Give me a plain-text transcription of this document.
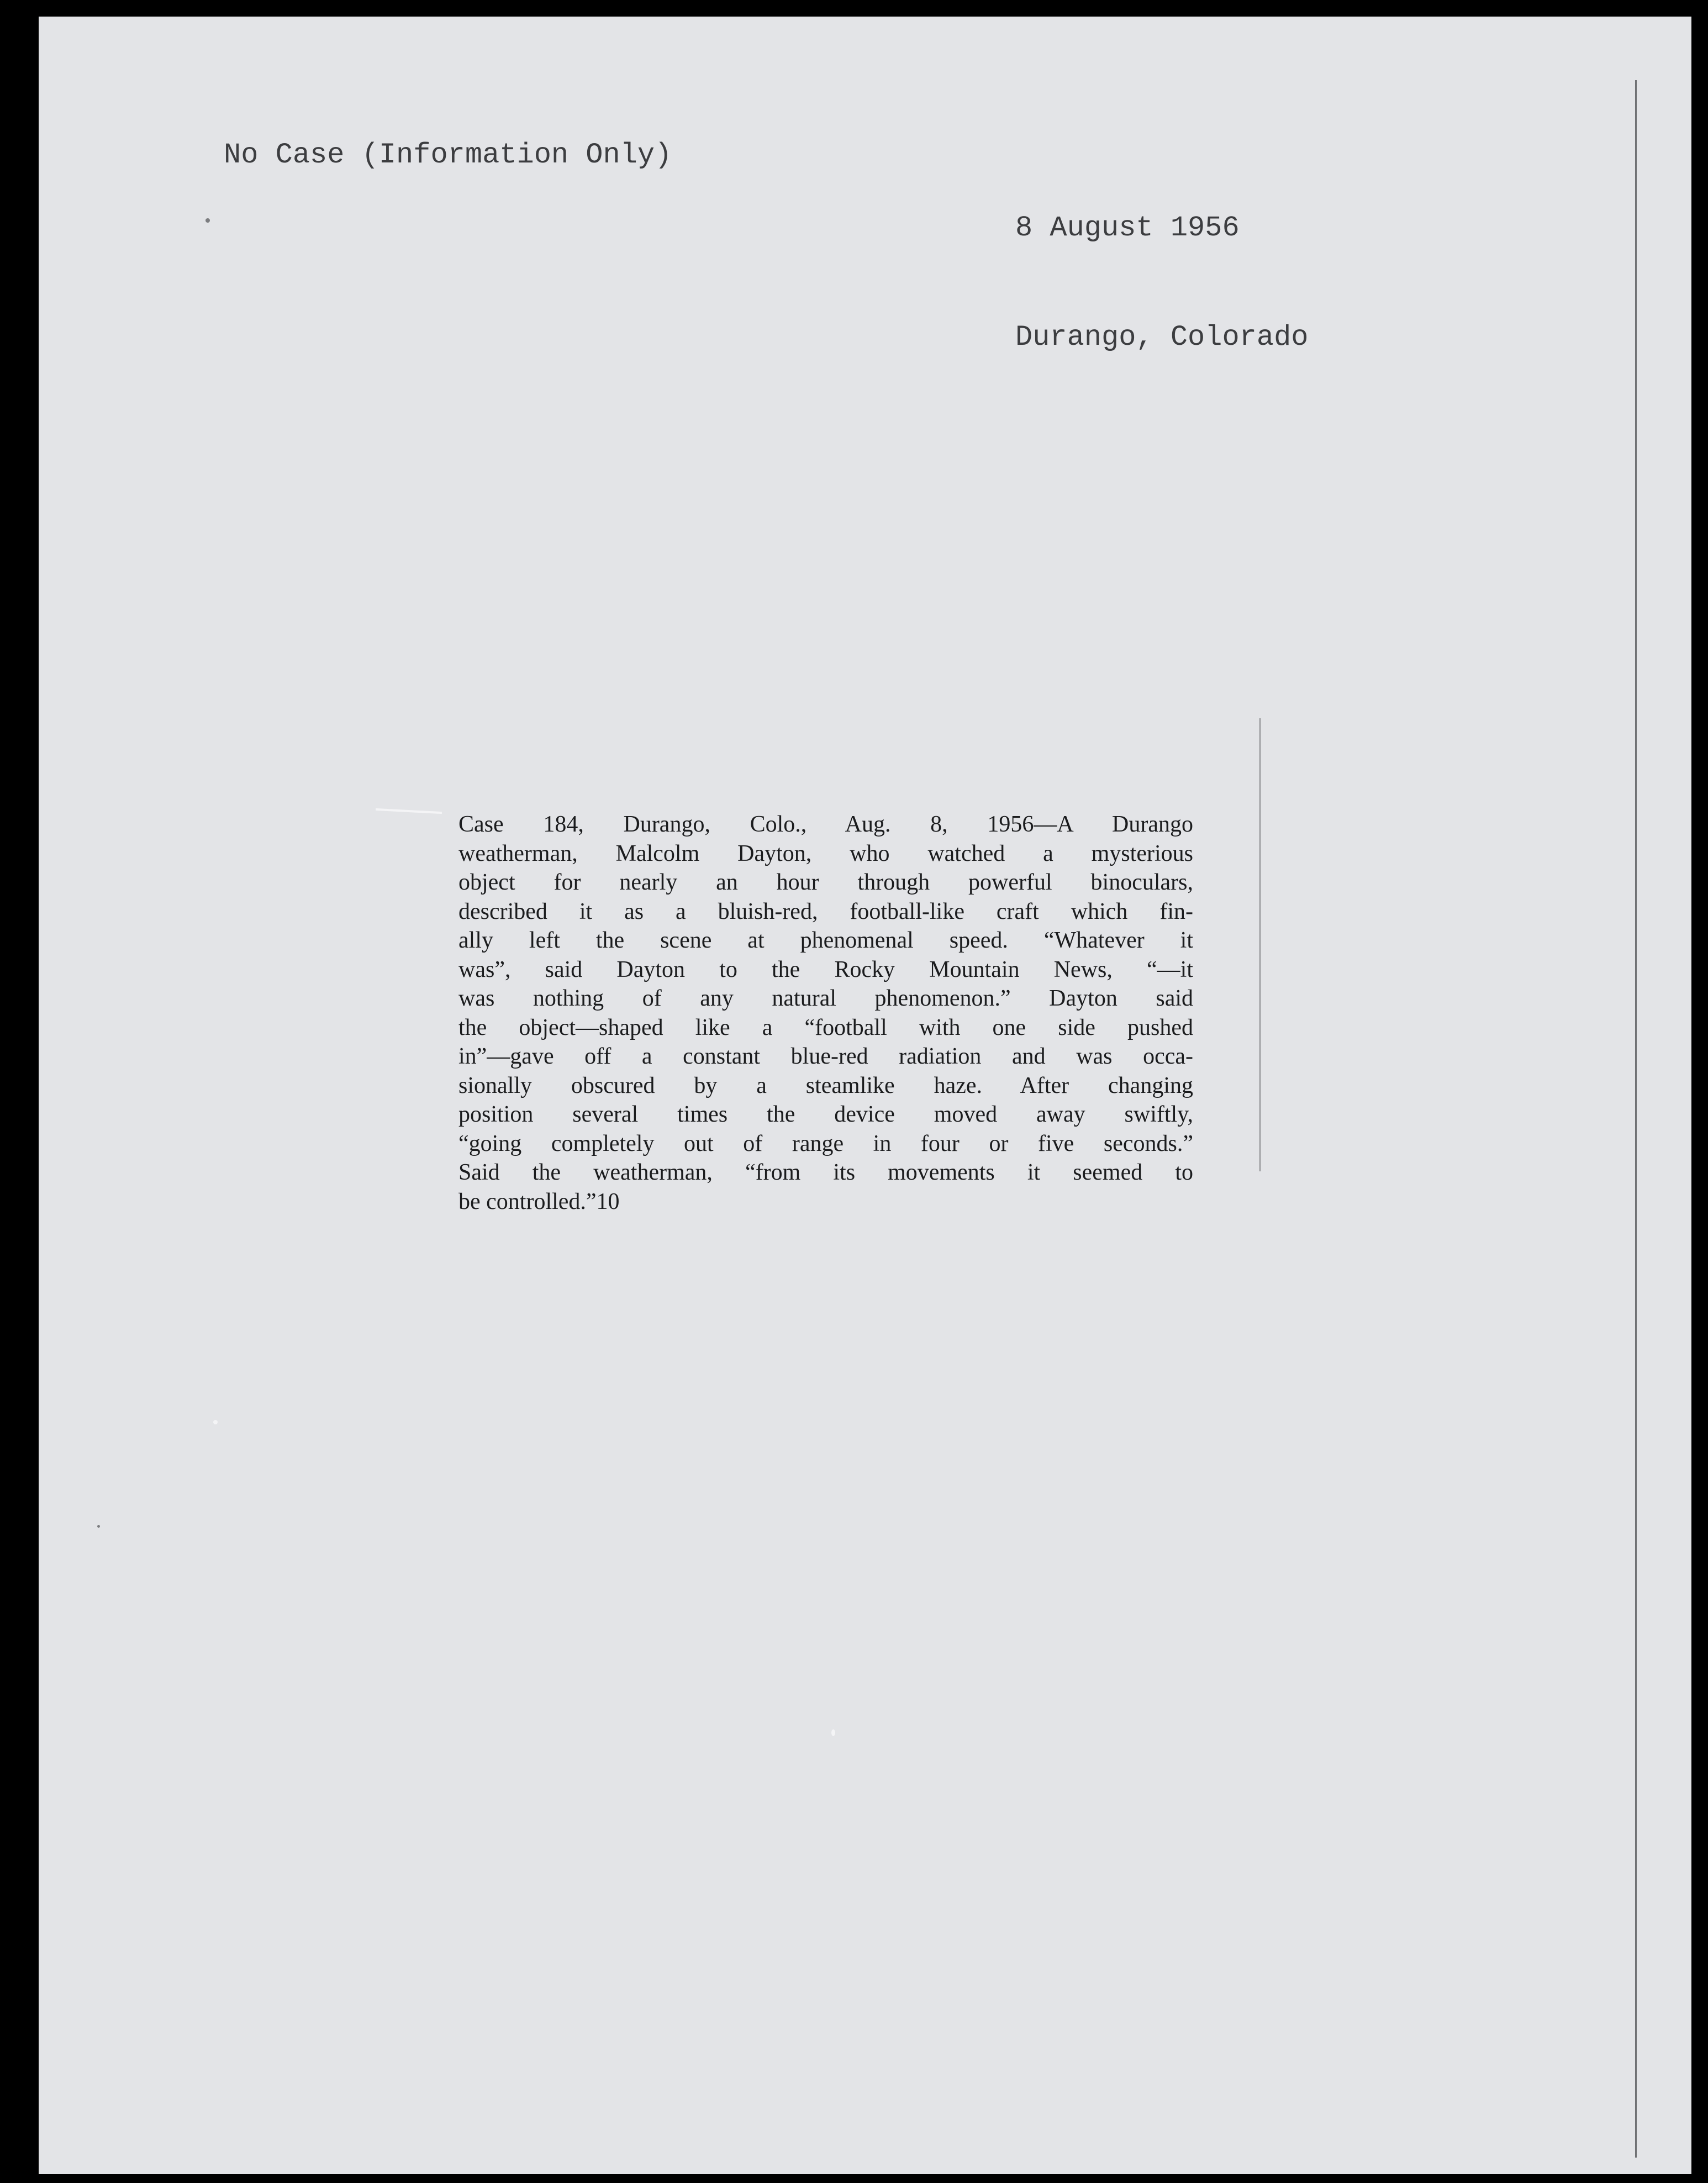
No Case (Information Only)

8 August 1956

Durango, Colorado

Case 184, Durango, Colo., Aug. 8, 1956—A Durango
weatherman, Malcolm Dayton, who watched a mysterious
object for nearly an hour through powerful binoculars,
described it as a bluish-red, football-like craft which fin-
ally left the scene at phenomenal speed. “Whatever it
was”, said Dayton to the Rocky Mountain News, “—it
was nothing of any natural phenomenon.” Dayton said
the object—shaped like a “football with one side pushed
in”—gave off a constant blue-red radiation and was occa-
sionally obscured by a steamlike haze. After changing
position several times the device moved away swiftly,
“going completely out of range in four or five seconds.”
Said the weatherman, “from its movements it seemed to
be controlled.”10
